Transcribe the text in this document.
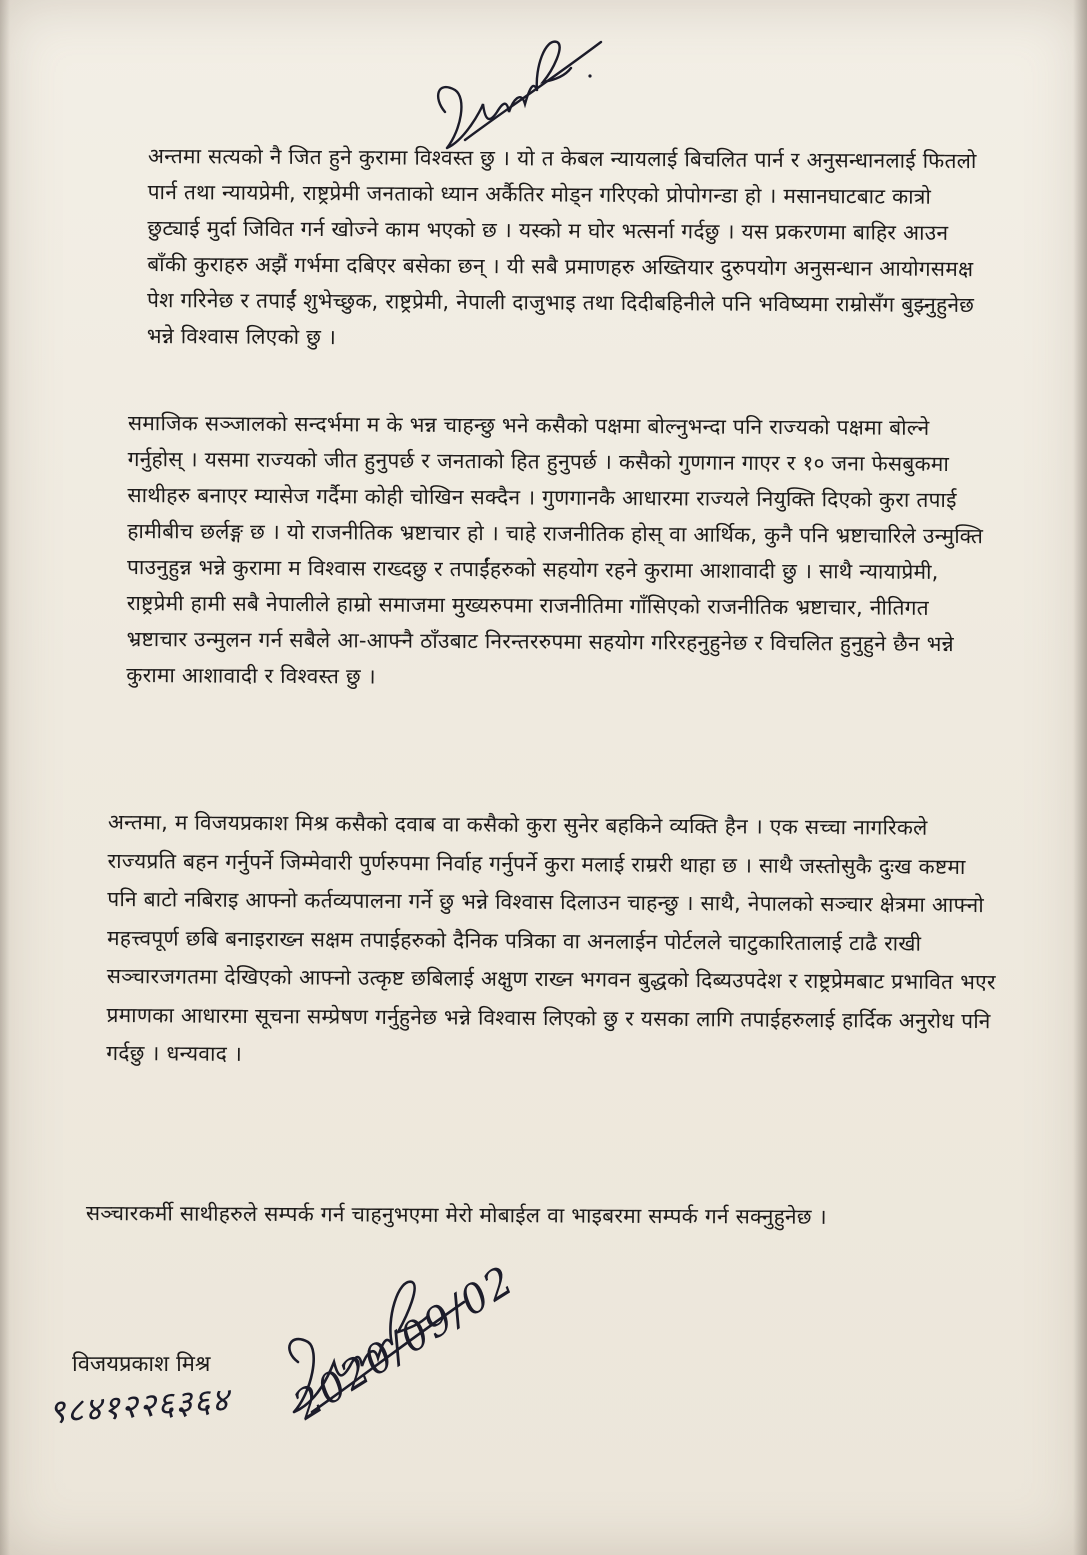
अन्तमा सत्यको नै जित हुने कुरामा विश्वस्त छु । यो त केबल न्यायलाई बिचलित पार्न र अनुसन्धानलाई फितलो पार्न तथा न्यायप्रेमी, राष्ट्रप्रेमी जनताको ध्यान अर्कैतिर मोड्न गरिएको प्रोपोगन्डा हो । मसानघाटबाट कात्रो छुट्याई मुर्दा जिवित गर्न खोज्ने काम भएको छ । यस्को म घोर भत्सर्ना गर्दछु । यस प्रकरणमा बाहिर आउन बाँकी कुराहरु अझैं गर्भमा दबिएर बसेका छन् । यी सबै प्रमाणहरु अख्तियार दुरुपयोग अनुसन्धान आयोगसमक्ष पेश गरिनेछ र तपाईं शुभेच्छुक, राष्ट्रप्रेमी, नेपाली दाजुभाइ तथा दिदीबहिनीले पनि भविष्यमा राम्रोसँग बुझ्नुहुनेछ भन्ने विश्वास लिएको छु ।

समाजिक सञ्जालको सन्दर्भमा म के भन्न चाहन्छु भने कसैको पक्षमा बोल्नुभन्दा पनि राज्यको पक्षमा बोल्ने गर्नुहोस् । यसमा राज्यको जीत हुनुपर्छ र जनताको हित हुनुपर्छ । कसैको गुणगान गाएर र १० जना फेसबुकमा साथीहरु बनाएर म्यासेज गर्दैमा कोही चोखिन सक्दैन । गुणगानकै आधारमा राज्यले नियुक्ति दिएको कुरा तपाई हामीबीच छर्लङ्ग छ । यो राजनीतिक भ्रष्टाचार हो । चाहे राजनीतिक होस् वा आर्थिक, कुनै पनि भ्रष्टाचारिले उन्मुक्ति पाउनुहुन्न भन्ने कुरामा म विश्वास राख्दछु र तपाईंहरुको सहयोग रहने कुरामा आशावादी छु । साथै न्यायाप्रेमी, राष्ट्रप्रेमी हामी सबै नेपालीले हाम्रो समाजमा मुख्यरुपमा राजनीतिमा गाँसिएको राजनीतिक भ्रष्टाचार, नीतिगत भ्रष्टाचार उन्मुलन गर्न सबैले आ-आफ्नै ठाँउबाट निरन्तररुपमा सहयोग गरिरहनुहुनेछ र विचलित हुनुहुने छैन भन्ने कुरामा आशावादी र विश्वस्त छु ।

अन्तमा, म विजयप्रकाश मिश्र कसैको दवाब वा कसैको कुरा सुनेर बहकिने व्यक्ति हैन । एक सच्चा नागरिकले राज्यप्रति बहन गर्नुपर्ने जिम्मेवारी पुर्णरुपमा निर्वाह गर्नुपर्ने कुरा मलाई राम्ररी थाहा छ । साथै जस्तोसुकै दुःख कष्टमा पनि बाटो नबिराइ आफ्नो कर्तव्यपालना गर्ने छु भन्ने विश्वास दिलाउन चाहन्छु । साथै, नेपालको सञ्चार क्षेत्रमा आफ्नो महत्त्वपूर्ण छबि बनाइराख्न सक्षम तपाईहरुको दैनिक पत्रिका वा अनलाईन पोर्टलले चाटुकारितालाई टाढै राखी सञ्चारजगतमा देखिएको आफ्नो उत्कृष्ट छबिलाई अक्षुण राख्न भगवन बुद्धको दिब्यउपदेश र राष्ट्रप्रेमबाट प्रभावित भएर प्रमाणका आधारमा सूचना सम्प्रेषण गर्नुहुनेछ भन्ने विश्वास लिएको छु र यसका लागि तपाईहरुलाई हार्दिक अनुरोध पनि गर्दछु । धन्यवाद ।

सञ्चारकर्मी साथीहरुले सम्पर्क गर्न चाहनुभएमा मेरो मोबाईल वा भाइबरमा सम्पर्क गर्न सक्नुहुनेछ ।

विजयप्रकाश मिश्र
९८४१२२६३६४ 2020/09/02
